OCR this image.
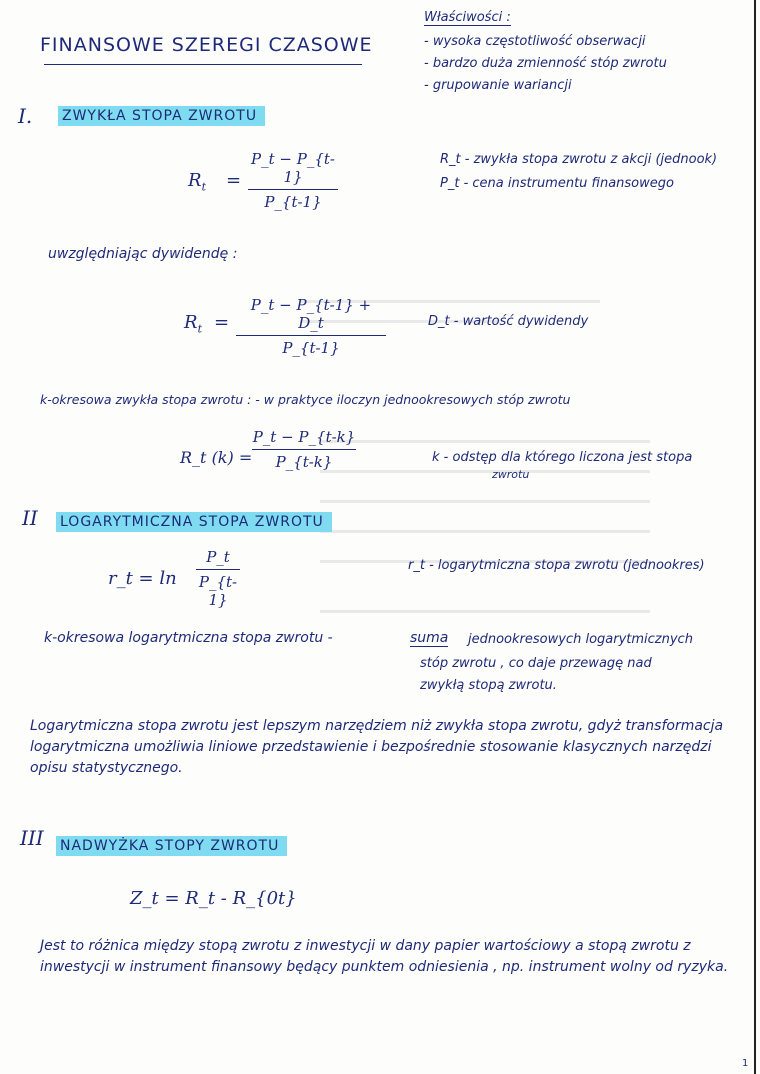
FINANSOWE SZEREGI CZASOWE
Właściwości :
- wysoka częstotliwość obserwacji
- bardzo duża zmienność stóp zwrotu
- grupowanie wariancji
I. ZWYKŁA STOPA ZWROTU
$R_t$ =
P_t − P_{t-1}
P_{t-1}
R_t - zwykła stopa zwrotu z akcji (jednook)
P_t - cena instrumentu finansowego
uwzględniając dywidendę :
$R_t$ =
P_t − P_{t-1} + D_t
P_{t-1}
D_t - wartość dywidendy
k-okresowa zwykła stopa zwrotu : - w praktyce iloczyn jednookresowych stóp zwrotu
R_t (k) =
P_t − P_{t-k}
P_{t-k}	k - odstęp dla którego liczona jest stopa
zwrotu
II LOGARYTMICZNA STOPA ZWROTU
r_t = ln
P_t
P_{t-1}
r_t - logarytmiczna stopa zwrotu (jednookres)
k-okresowa logarytmiczna stopa zwrotu -	suma jednookresowych logarytmicznych
stóp zwrotu , co daje przewagę nad
zwykłą stopą zwrotu.
Logarytmiczna stopa zwrotu jest lepszym narzędziem niż zwykła stopa zwrotu, gdyż transformacja logarytmiczna umożliwia liniowe przedstawienie i bezpośrednie stosowanie klasycznych narzędzi opisu statystycznego.
III NADWYŻKA STOPY ZWROTU
Z_t = R_t - R_{0t}
Jest to różnica między stopą zwrotu z inwestycji w dany papier wartościowy a stopą zwrotu z inwestycji w instrument finansowy będący punktem odniesienia , np. instrument wolny od ryzyka.
1
